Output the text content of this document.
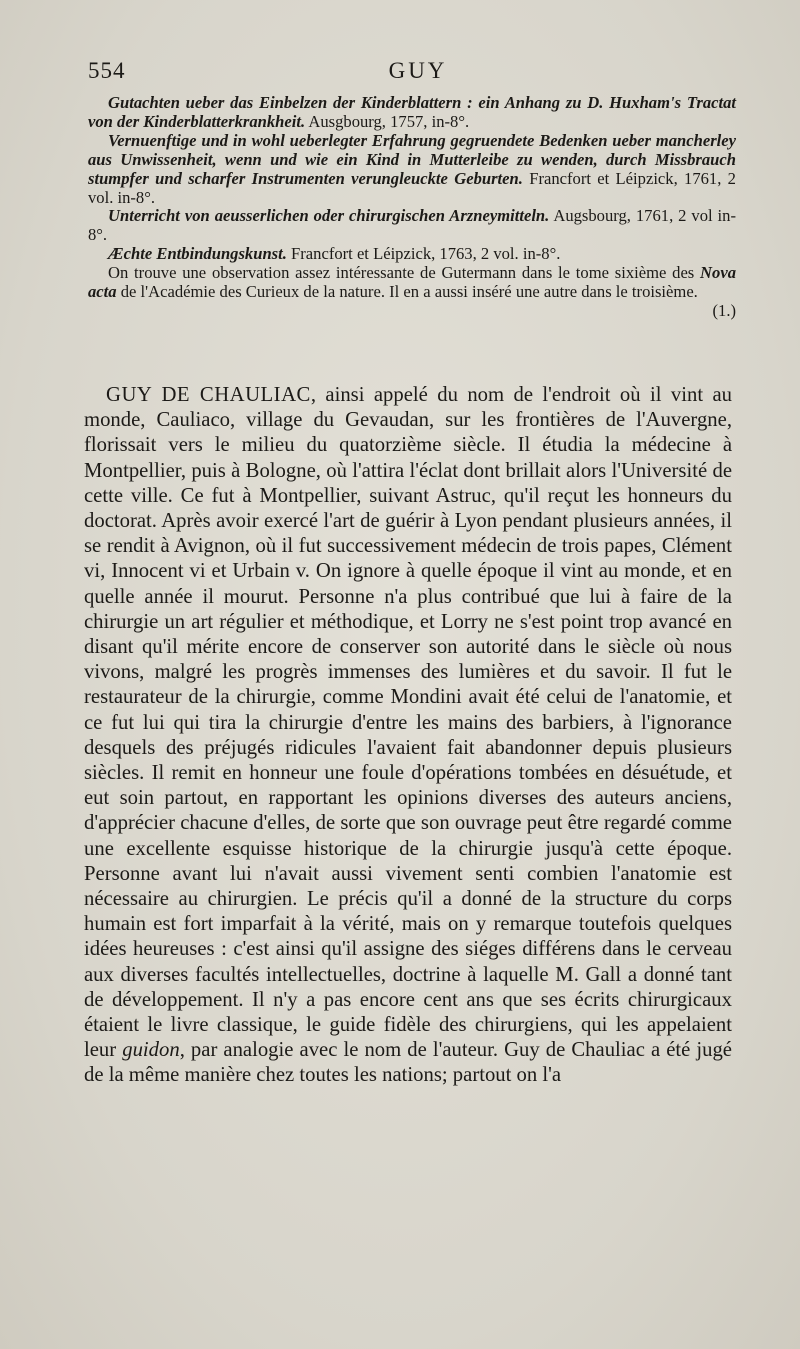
554	GUY
Gutachten ueber das Einbelzen der Kinderblattern : ein Anhang zu D. Huxham's Tractat von der Kinderblatterkrankheit. Ausgbourg, 1757, in-8°.
Vernuenftige und in wohl ueberlegter Erfahrung gegruendete Bedenken ueber mancherley aus Unwissenheit, wenn und wie ein Kind in Mutterleibe zu wenden, durch Missbrauch stumpfer und scharfer Instrumenten verungleuckte Geburten. Francfort et Léipzick, 1761, 2 vol. in-8°.
Unterricht von aeusserlichen oder chirurgischen Arzneymitteln. Augsbourg, 1761, 2 vol in-8°.
Æchte Entbindungskunst. Francfort et Léipzick, 1763, 2 vol. in-8°.
On trouve une observation assez intéressante de Gutermann dans le tome sixième des Nova acta de l'Académie des Curieux de la nature. Il en a aussi inséré une autre dans le troisième.
(1.)

GUY DE CHAULIAC, ainsi appelé du nom de l'endroit où il vint au monde, Cauliaco, village du Gevaudan, sur les frontières de l'Auvergne, florissait vers le milieu du quatorzième siècle. Il étudia la médecine à Montpellier, puis à Bologne, où l'attira l'éclat dont brillait alors l'Université de cette ville. Ce fut à Montpellier, suivant Astruc, qu'il reçut les honneurs du doctorat. Après avoir exercé l'art de guérir à Lyon pendant plusieurs années, il se rendit à Avignon, où il fut successivement médecin de trois papes, Clément vi, Innocent vi et Urbain v. On ignore à quelle époque il vint au monde, et en quelle année il mourut. Personne n'a plus contribué que lui à faire de la chirurgie un art régulier et méthodique, et Lorry ne s'est point trop avancé en disant qu'il mérite encore de conserver son autorité dans le siècle où nous vivons, malgré les progrès immenses des lumières et du savoir. Il fut le restaurateur de la chirurgie, comme Mondini avait été celui de l'anatomie, et ce fut lui qui tira la chirurgie d'entre les mains des barbiers, à l'ignorance desquels des préjugés ridicules l'avaient fait abandonner depuis plusieurs siècles. Il remit en honneur une foule d'opérations tombées en désuétude, et eut soin partout, en rapportant les opinions diverses des auteurs anciens, d'apprécier chacune d'elles, de sorte que son ouvrage peut être regardé comme une excellente esquisse historique de la chirurgie jusqu'à cette époque. Personne avant lui n'avait aussi vivement senti combien l'anatomie est nécessaire au chirurgien. Le précis qu'il a donné de la structure du corps humain est fort imparfait à la vérité, mais on y remarque toutefois quelques idées heureuses : c'est ainsi qu'il assigne des siéges différens dans le cerveau aux diverses facultés intellectuelles, doctrine à laquelle M. Gall a donné tant de développement. Il n'y a pas encore cent ans que ses écrits chirurgicaux étaient le livre classique, le guide fidèle des chirurgiens, qui les appelaient leur guidon, par analogie avec le nom de l'auteur. Guy de Chauliac a été jugé de la même manière chez toutes les nations; partout on l'a
